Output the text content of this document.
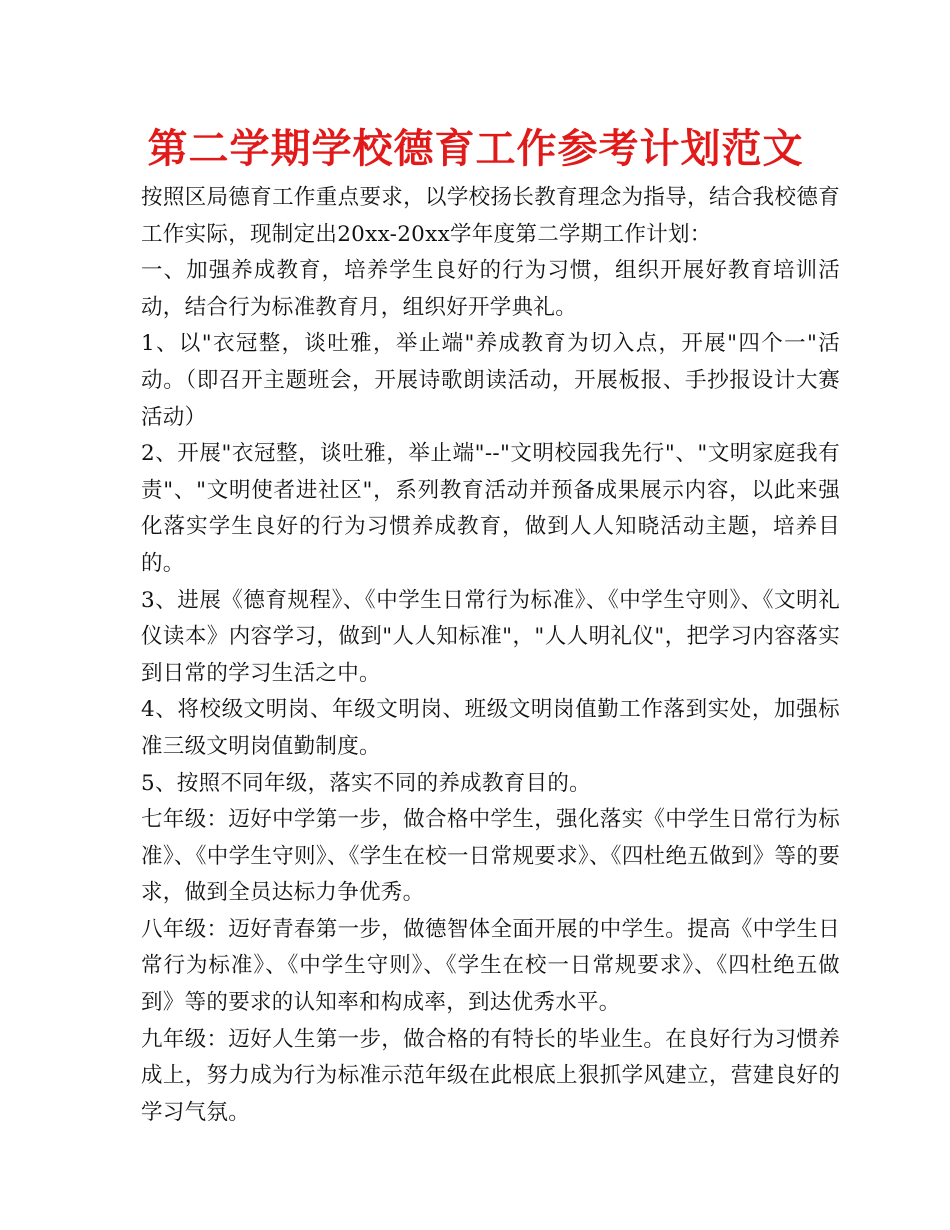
第二学期学校德育工作参考计划范文

按照区局德育工作重点要求，以学校扬长教育理念为指导，结合我校德育工作实际，现制定出20xx-20xx学年度第二学期工作计划：

一、加强养成教育，培养学生良好的行为习惯，组织开展好教育培训活动，结合行为标准教育月，组织好开学典礼。

1、以"衣冠整，谈吐雅，举止端"养成教育为切入点，开展"四个一"活动。（即召开主题班会，开展诗歌朗读活动，开展板报、手抄报设计大赛活动）

2、开展"衣冠整，谈吐雅，举止端"--"文明校园我先行"、"文明家庭我有责"、"文明使者进社区"，系列教育活动并预备成果展示内容，以此来强化落实学生良好的行为习惯养成教育，做到人人知晓活动主题，培养目的。

3、进展《德育规程》、《中学生日常行为标准》、《中学生守则》、《文明礼仪读本》内容学习，做到"人人知标准"，"人人明礼仪"，把学习内容落实到日常的学习生活之中。

4、将校级文明岗、年级文明岗、班级文明岗值勤工作落到实处，加强标准三级文明岗值勤制度。

5、按照不同年级，落实不同的养成教育目的。

七年级：迈好中学第一步，做合格中学生，强化落实《中学生日常行为标准》、《中学生守则》、《学生在校一日常规要求》、《四杜绝五做到》等的要求，做到全员达标力争优秀。

八年级：迈好青春第一步，做德智体全面开展的中学生。提高《中学生日常行为标准》、《中学生守则》、《学生在校一日常规要求》、《四杜绝五做到》等的要求的认知率和构成率，到达优秀水平。

九年级：迈好人生第一步，做合格的有特长的毕业生。在良好行为习惯养成上，努力成为行为标准示范年级在此根底上狠抓学风建立，营建良好的学习气氛。
